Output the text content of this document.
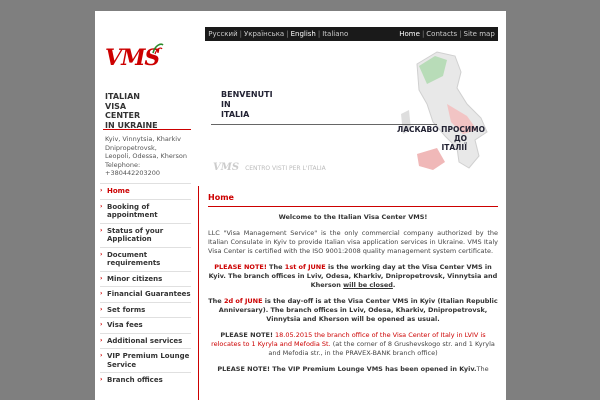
VMS
ITALIAN
VISA
CENTER
IN UKRAINE
Kyiv, Vinnytsia, Kharkiv
Dnipropetrovsk,
Leopoli, Odessa, Kherson
Telephone:
+380442203200
Русский | Українська | English | Italiano	Home | Contacts | Site map
BENVENUTI
IN
ITALIA
ЛАСКАВО ПРОСИМО
ДО
ІТАЛІЇ
VMS CENTRO VISTI PER L'ITALIA
› Home
› Booking of appointment
› Status of your Application
› Document requirements
› Minor citizens
› Financial Guarantees
› Set forms
› Visa fees
› Additional services
› VIP Premium Lounge Service
› Branch offices
Home
Welcome to the Italian Visa Center VMS!
LLC "Visa Management Service" is the only commercial company authorized by the Italian Consulate in Kyiv to provide Italian visa application services in Ukraine. VMS Italy Visa Center is certified with the ISO 9001:2008 quality management system certificate.
PLEASE NOTE! The 1st of JUNE is the working day at the Visa Center VMS in Kyiv. The branch offices in Lviv, Odesa, Kharkiv, Dnipropetrovsk, Vinnytsia and Kherson will be closed.
The 2d of JUNE is the day-off is at the Visa Center VMS in Kyiv (Italian Republic Anniversary). The branch offices in Lviv, Odesa, Kharkiv, Dnipropetrovsk, Vinnytsia and Kherson will be opened as usual.
PLEASE NOTE! 18.05.2015 the branch office of the Visa Center of Italy in LVIV is relocates to 1 Kyryla and Mefodia St. (at the corner of 8 Grushevskogo str. and 1 Kyryla and Mefodia str., in the PRAVEX-BANK branch office)
PLEASE NOTE! The VIP Premium Lounge VMS has been opened in Kyiv.The
